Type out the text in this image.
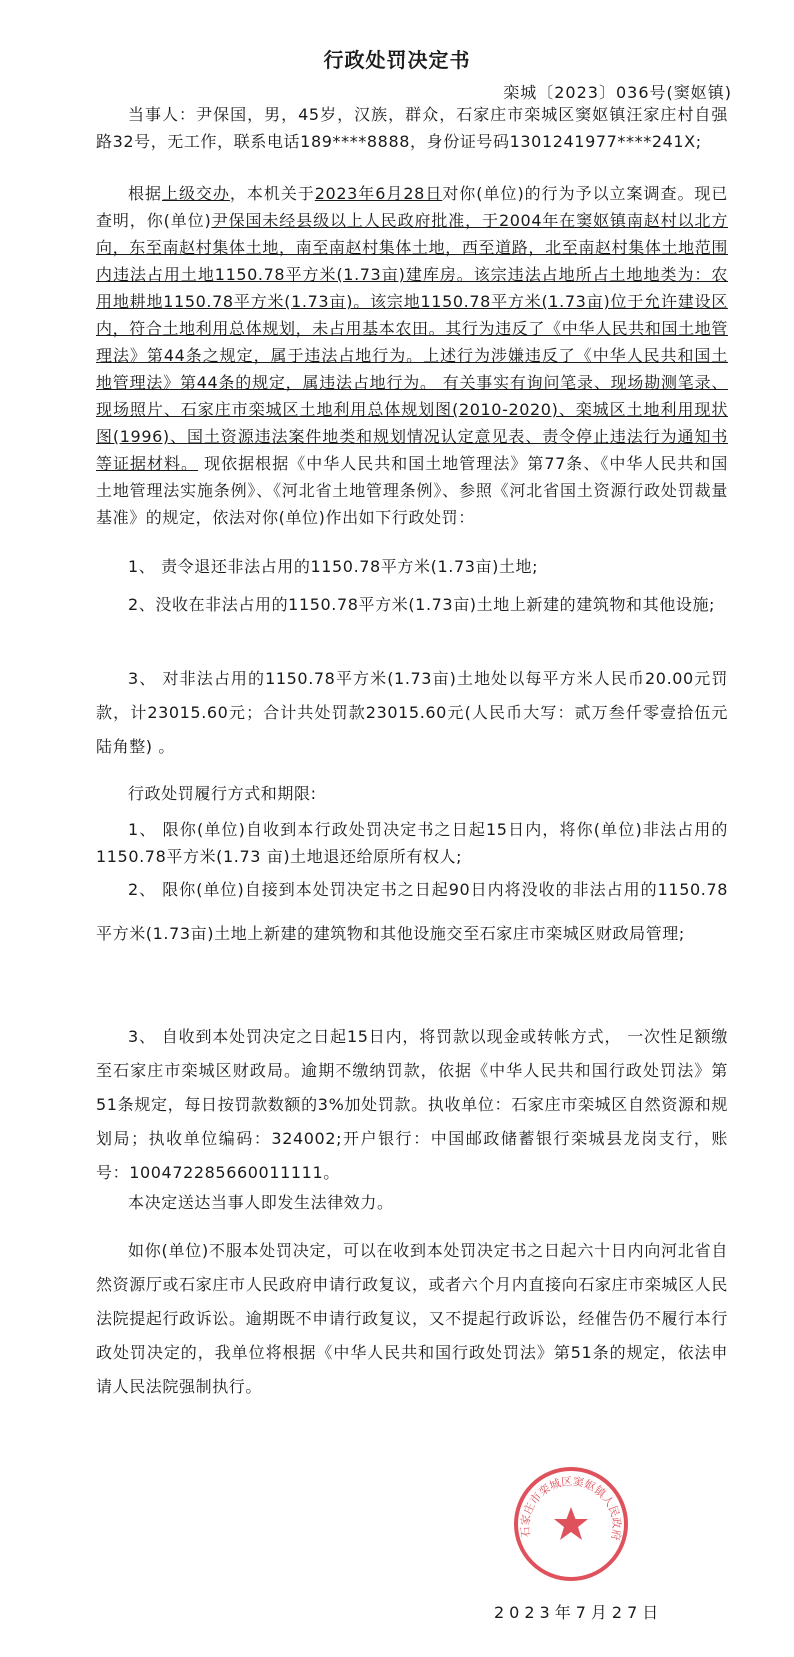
行政处罚决定书
栾城〔2023〕036号(窦妪镇)
当事人：尹保国，男，45岁，汉族，群众，石家庄市栾城区窦妪镇汪家庄村自强路32号，无工作，联系电话189****8888，身份证号码1301241977****241X;
根据上级交办，本机关于2023年6月28日对你(单位)的行为予以立案调查。现已查明，你(单位)尹保国未经县级以上人民政府批准，于2004年在窦妪镇南赵村以北方向，东至南赵村集体土地，南至南赵村集体土地，西至道路，北至南赵村集体土地范围内违法占用土地1150.78平方米(1.73亩)建库房。该宗违法占地所占土地地类为：农用地耕地1150.78平方米(1.73亩)。该宗地1150.78平方米(1.73亩)位于允许建设区内，符合土地利用总体规划，未占用基本农田。其行为违反了《中华人民共和国土地管理法》第44条之规定，属于违法占地行为。上述行为涉嫌违反了《中华人民共和国土地管理法》第44条的规定，属违法占地行为。 有关事实有询问笔录、现场勘测笔录、现场照片、石家庄市栾城区土地利用总体规划图(2010-2020)、栾城区土地利用现状图(1996)、国土资源违法案件地类和规划情况认定意见表、责令停止违法行为通知书等证据材料。 现依据根据《中华人民共和国土地管理法》第77条、《中华人民共和国土地管理法实施条例》、《河北省土地管理条例》、参照《河北省国土资源行政处罚裁量基准》的规定，依法对你(单位)作出如下行政处罚：
1、 责令退还非法占用的1150.78平方米(1.73亩)土地;
2、没收在非法占用的1150.78平方米(1.73亩)土地上新建的建筑物和其他设施;
3、 对非法占用的1150.78平方米(1.73亩)土地处以每平方米人民币20.00元罚款，计23015.60元；合计共处罚款23015.60元(人民币大写：贰万叁仟零壹拾伍元陆角整) 。
行政处罚履行方式和期限:
1、 限你(单位)自收到本行政处罚决定书之日起15日内，将你(单位)非法占用的1150.78平方米(1.73 亩)土地退还给原所有权人;
2、 限你(单位)自接到本处罚决定书之日起90日内将没收的非法占用的1150.78平方米(1.73亩)土地上新建的建筑物和其他设施交至石家庄市栾城区财政局管理;
3、 自收到本处罚决定之日起15日内，将罚款以现金或转帐方式， 一次性足额缴至石家庄市栾城区财政局。逾期不缴纳罚款，依据《中华人民共和国行政处罚法》第51条规定，每日按罚款数额的3%加处罚款。执收单位：石家庄市栾城区自然资源和规划局；执收单位编码：324002;开户银行：中国邮政储蓄银行栾城县龙岗支行，账号：100472285660011111。
本决定送达当事人即发生法律效力。
如你(单位)不服本处罚决定，可以在收到本处罚决定书之日起六十日内向河北省自然资源厅或石家庄市人民政府申请行政复议，或者六个月内直接向石家庄市栾城区人民法院提起行政诉讼。逾期既不申请行政复议，又不提起行政诉讼，经催告仍不履行本行政处罚决定的，我单位将根据《中华人民共和国行政处罚法》第51条的规定，依法申请人民法院强制执行。
石家庄市栾城区窦妪镇人民政府
2023年7月27日
